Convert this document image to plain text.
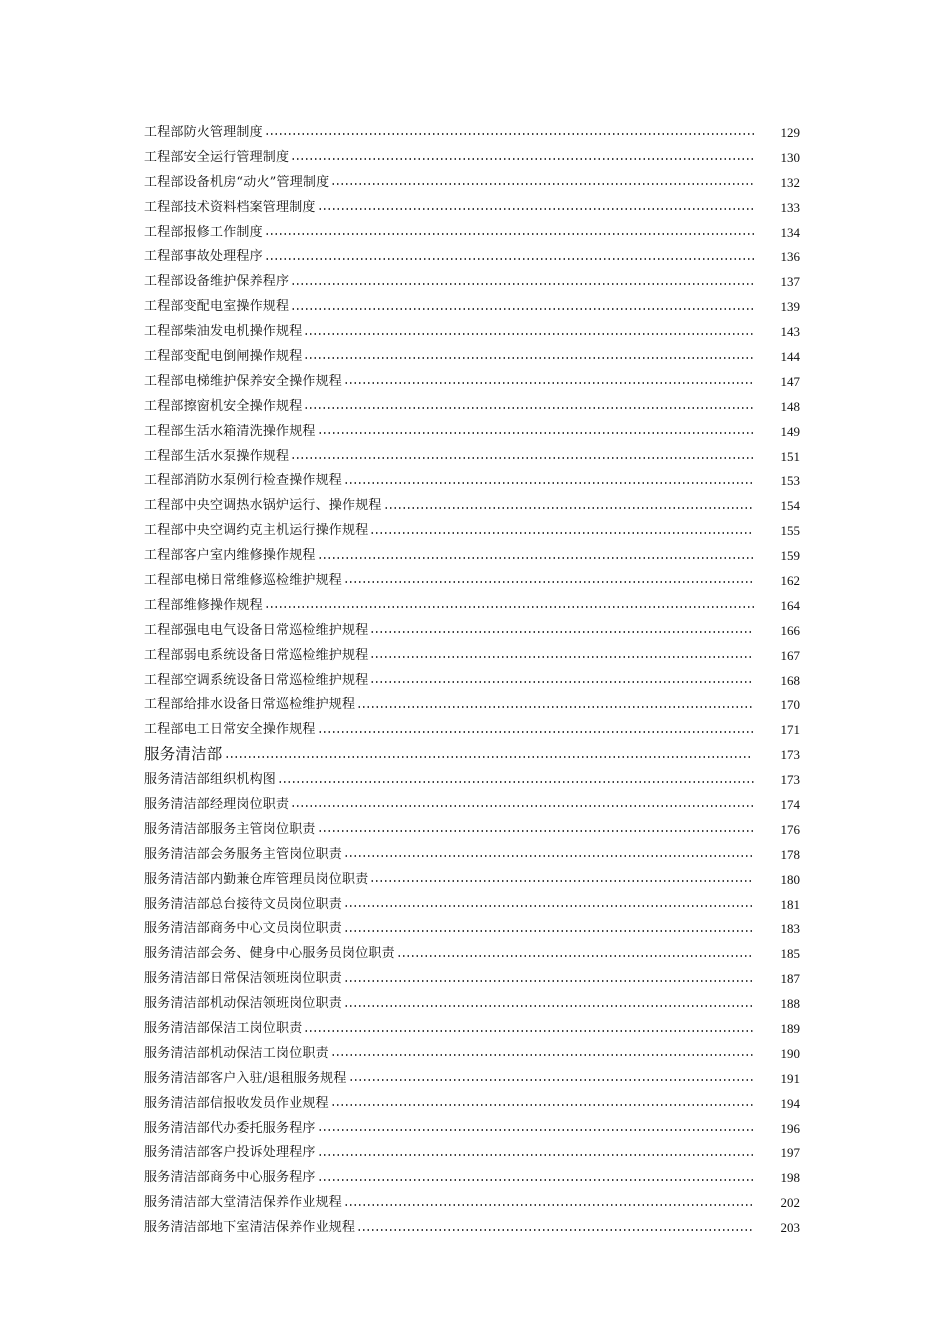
工程部防火管理制度	129
工程部安全运行管理制度	130
工程部设备机房“动火”管理制度	132
工程部技术资料档案管理制度	133
工程部报修工作制度	134
工程部事故处理程序	136
工程部设备维护保养程序	137
工程部变配电室操作规程	139
工程部柴油发电机操作规程	143
工程部变配电倒闸操作规程	144
工程部电梯维护保养安全操作规程	147
工程部擦窗机安全操作规程	148
工程部生活水箱清洗操作规程	149
工程部生活水泵操作规程	151
工程部消防水泵例行检查操作规程	153
工程部中央空调热水锅炉运行、操作规程	154
工程部中央空调约克主机运行操作规程	155
工程部客户室内维修操作规程	159
工程部电梯日常维修巡检维护规程	162
工程部维修操作规程	164
工程部强电电气设备日常巡检维护规程	166
工程部弱电系统设备日常巡检维护规程	167
工程部空调系统设备日常巡检维护规程	168
工程部给排水设备日常巡检维护规程	170
工程部电工日常安全操作规程	171
服务清洁部	173
服务清洁部组织机构图	173
服务清洁部经理岗位职责	174
服务清洁部服务主管岗位职责	176
服务清洁部会务服务主管岗位职责	178
服务清洁部内勤兼仓库管理员岗位职责	180
服务清洁部总台接待文员岗位职责	181
服务清洁部商务中心文员岗位职责	183
服务清洁部会务、健身中心服务员岗位职责	185
服务清洁部日常保洁领班岗位职责	187
服务清洁部机动保洁领班岗位职责	188
服务清洁部保洁工岗位职责	189
服务清洁部机动保洁工岗位职责	190
服务清洁部客户入驻/退租服务规程	191
服务清洁部信报收发员作业规程	194
服务清洁部代办委托服务程序	196
服务清洁部客户投诉处理程序	197
服务清洁部商务中心服务程序	198
服务清洁部大堂清洁保养作业规程	202
服务清洁部地下室清洁保养作业规程	203
